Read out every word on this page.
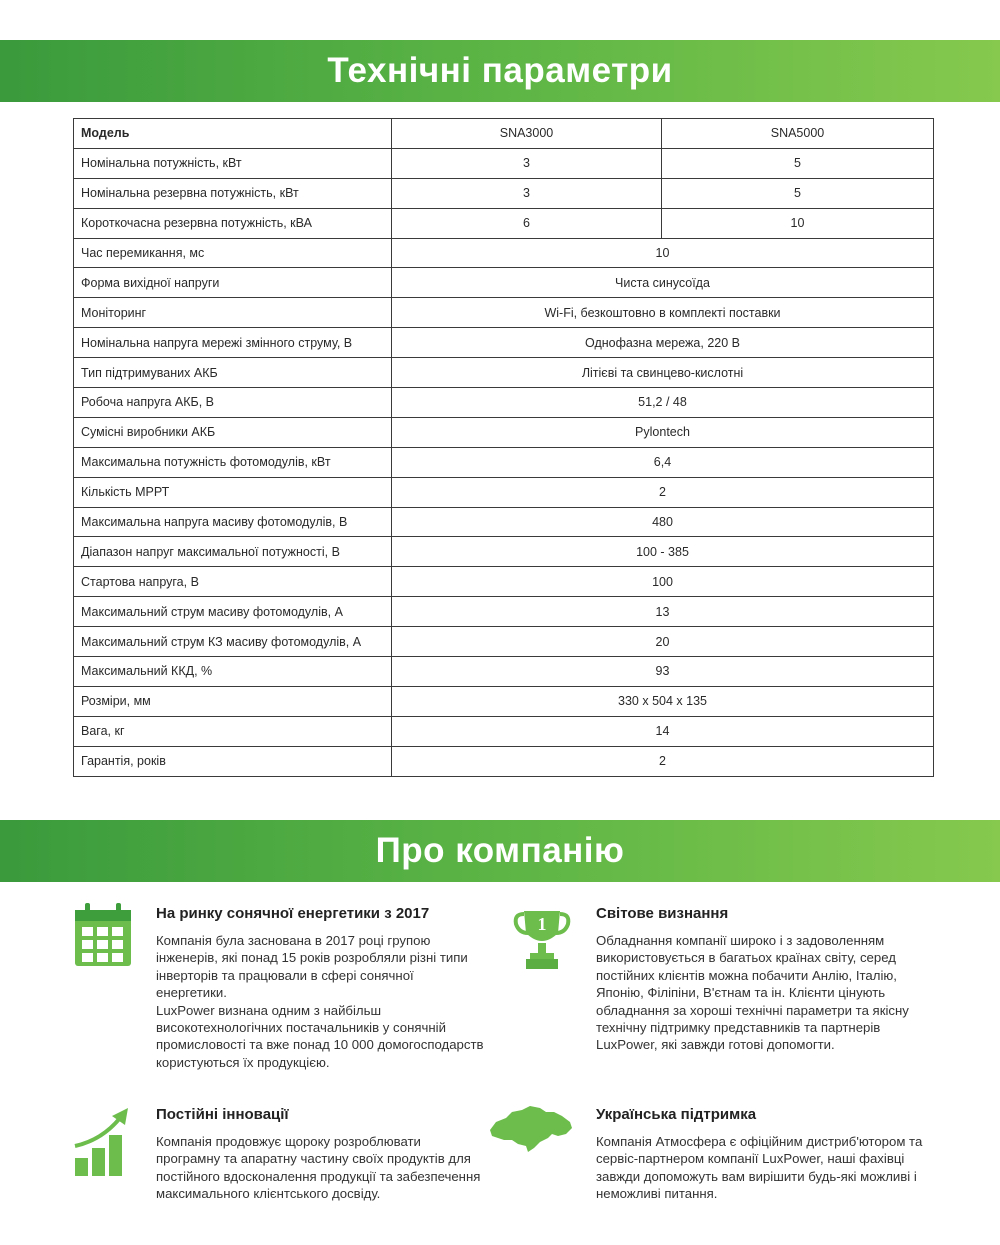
Технічні параметри
Модель	SNA3000	SNA5000
Номінальна потужність, кВт	3	5
Номінальна резервна потужність, кВт	3	5
Короткочасна резервна потужність, кВА	6	10
Час перемикання, мс	10	
Форма вихідної напруги	Чиста синусоїда	
Моніторинг	Wi-Fi, безкоштовно в комплекті поставки	
Номінальна напруга мережі змінного струму, В	Однофазна мережа, 220 В	
Тип підтримуваних АКБ	Літієві та свинцево-кислотні	
Робоча напруга АКБ, В	51,2 / 48	
Сумісні виробники АКБ	Pylontech	
Максимальна потужність фотомодулів, кВт	6,4	
Кількість МРРТ	2	
Максимальна напруга масиву фотомодулів, В	480	
Діапазон напруг максимальної потужності, В	100 - 385	
Стартова напруга, В	100	
Максимальний струм масиву фотомодулів, А	13	
Максимальний струм КЗ масиву фотомодулів, А	20	
Максимальний ККД, %	93	
Розміри, мм	330 х 504 х 135	
Вага, кг	14	
Гарантія, років	2	
Про компанію
На ринку сонячної енергетики з 2017

Компанія була заснована в 2017 році групою інженерів, які понад 15 років розробляли різні типи інверторів та працювали в сфері сонячної енергетики.
LuxPower визнана одним з найбільш високотехнологічних постачальників у сонячній промисловості та вже понад 10 000 домогосподарств користуються їх продукцією.

1
Світове визнання

Обладнання компанії широко і з задоволенням використовується в багатьох країнах світу, серед постійних клієнтів можна побачити Анлію, Італію, Японію, Філіпіни, В'єтнам та ін. Клієнти цінують обладнання за хороші технічні параметри та якісну технічну підтримку представників та партнерів LuxPower, які завжди готові допомогти.

Постійні інновації

Компанія продовжує щороку розроблювати програмну та апаратну частину своїх продуктів для постійного вдосконалення продукції та забезпечення максимального клієнтського досвіду.

Українська підтримка

Компанія Атмосфера є офіційним дистриб'ютором та сервіс-партнером компанії LuxPower, наші фахівці завжди допоможуть вам вирішити будь-які можливі і неможливі питання.
